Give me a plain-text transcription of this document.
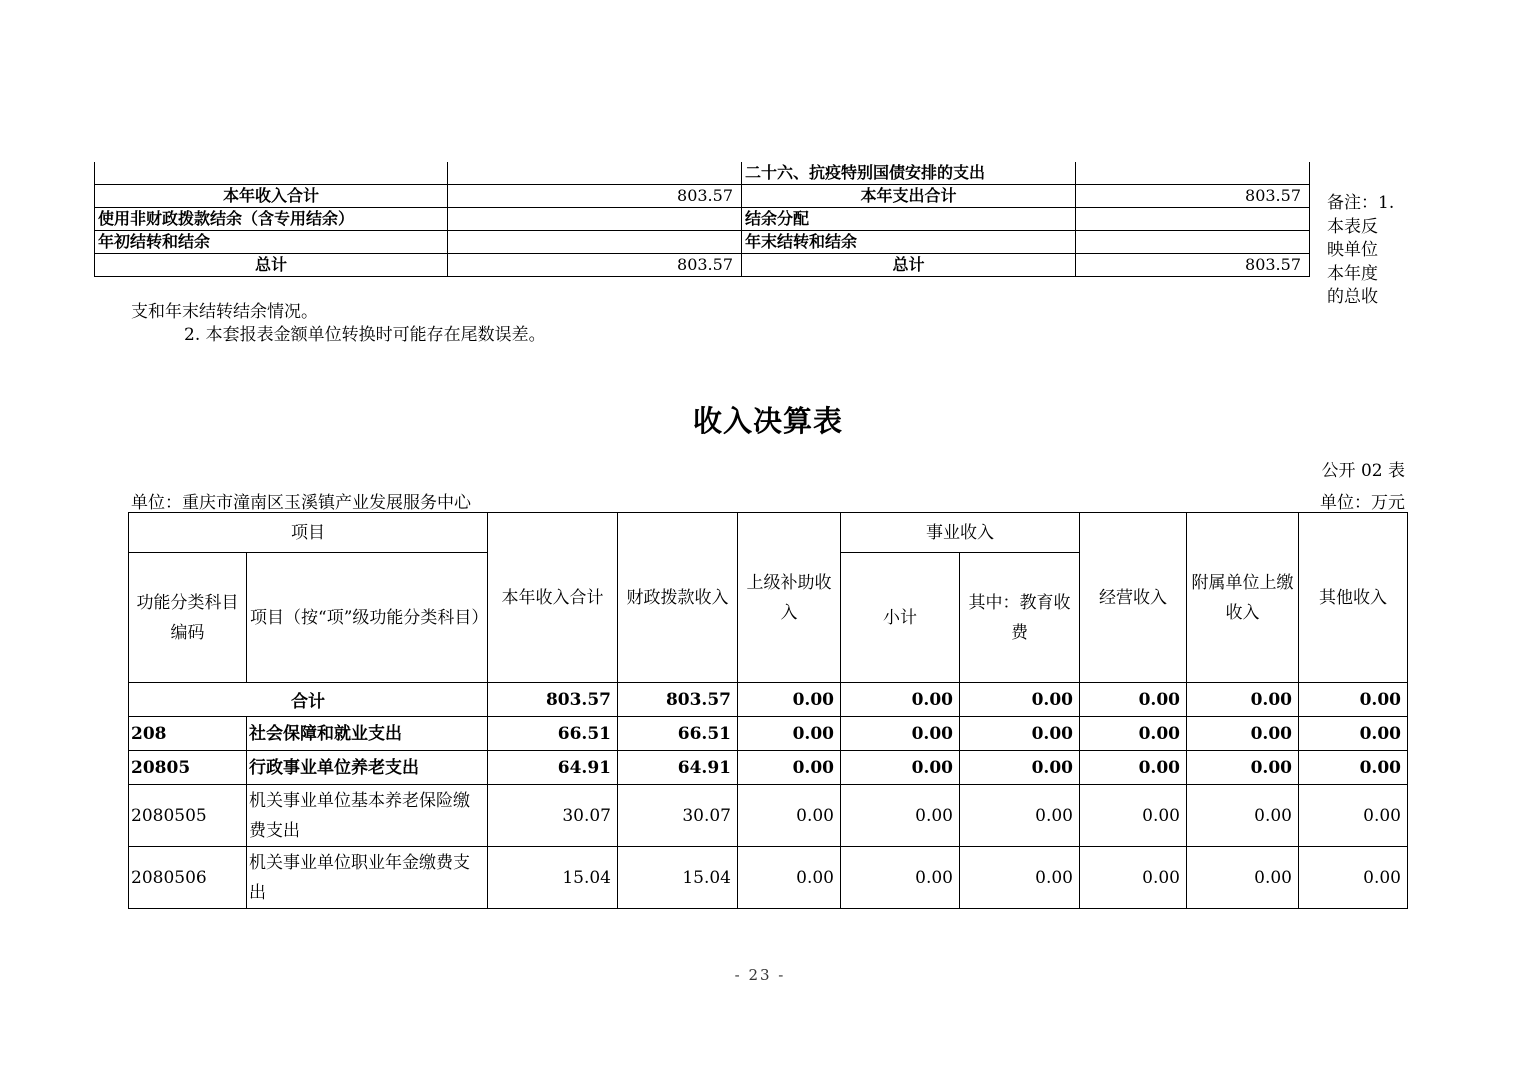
		二十六、抗疫特别国债安排的支出	
本年收入合计	803.57	本年支出合计	803.57
使用非财政拨款结余（含专用结余）		结余分配	
年初结转和结余		年末结转和结余	
总计	803.57	总计	803.57
备注：1.
本表反
映单位
本年度
的总收
支和年末结转结余情况。
2. 本套报表金额单位转换时可能存在尾数误差。
收入决算表
公开 02 表
单位：重庆市潼南区玉溪镇产业发展服务中心	单位：万元
项目		本年收入合计	财政拨款收入	上级补助收入	事业收入		经营收入	附属单位上缴收入	其他收入
功能分类科目编码	项目（按“项”级功能分类科目）				小计	其中：教育收费			
合计		803.57	803.57	0.00	0.00	0.00	0.00	0.00	0.00
208	社会保障和就业支出	66.51	66.51	0.00	0.00	0.00	0.00	0.00	0.00
20805	行政事业单位养老支出	64.91	64.91	0.00	0.00	0.00	0.00	0.00	0.00
2080505	机关事业单位基本养老保险缴费支出	30.07	30.07	0.00	0.00	0.00	0.00	0.00	0.00
2080506	机关事业单位职业年金缴费支出	15.04	15.04	0.00	0.00	0.00	0.00	0.00	0.00
- 23 -
